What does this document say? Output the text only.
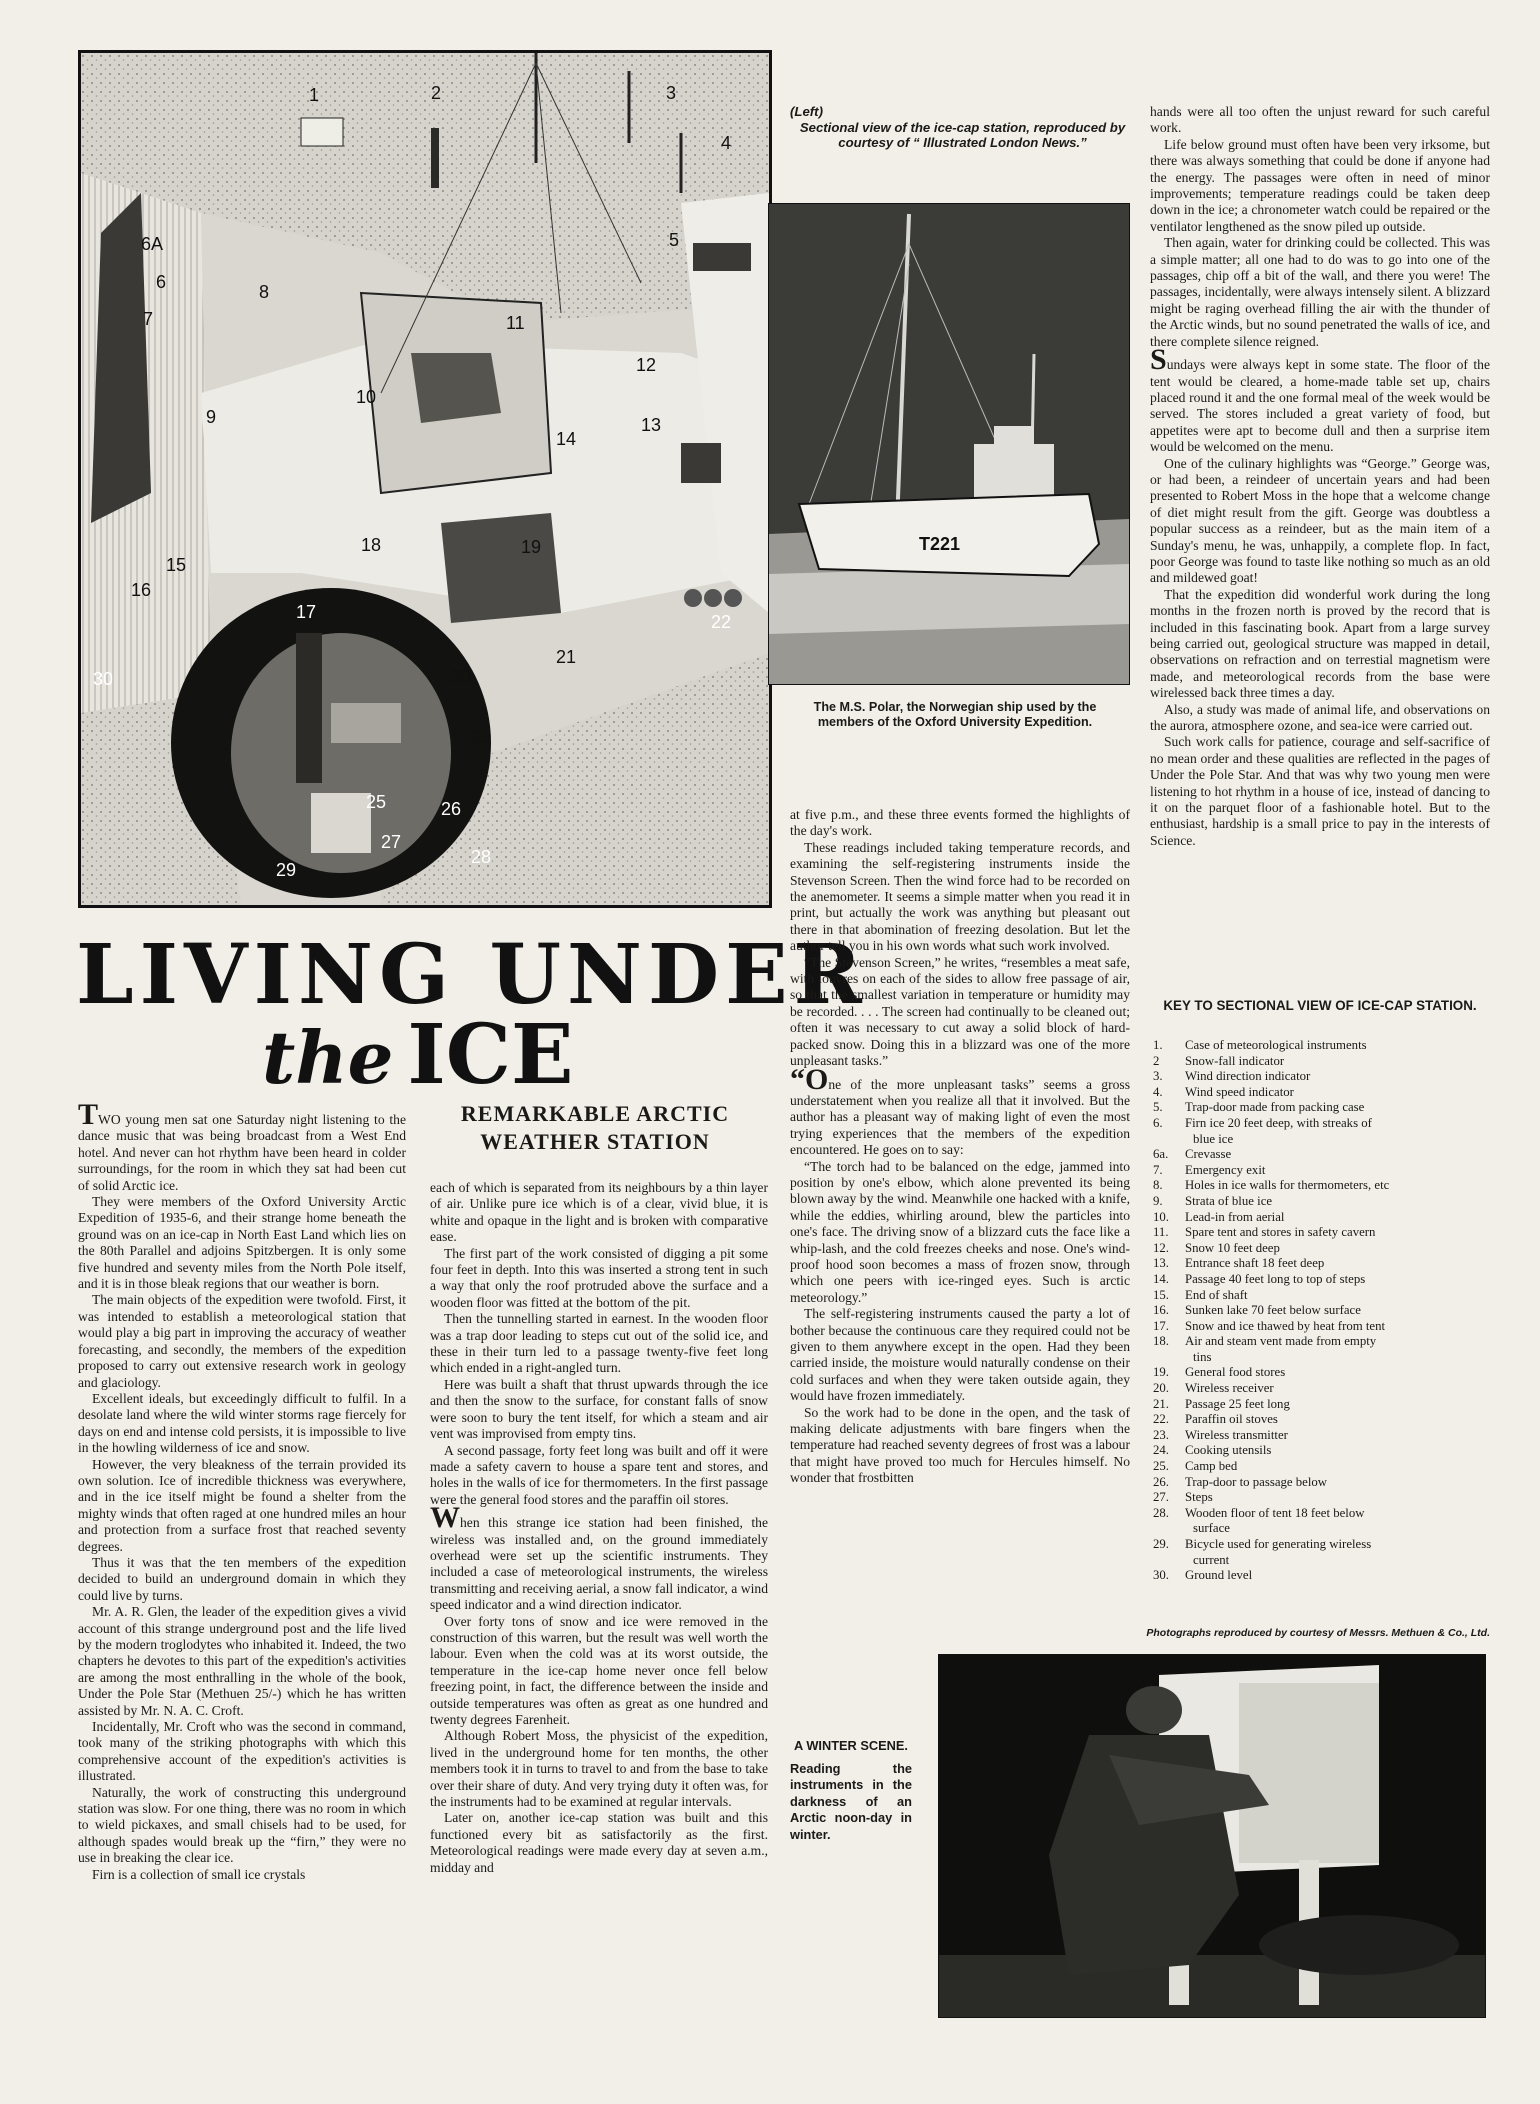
1	2	3
4
5
6A
6
7
8
9
10
11
12
13
14
15
16
17
18	19
20
21
22
23
25	26
27
28
29
30
(Left)
Sectional view of the ice-cap station, reproduced by courtesy of “ Illustrated London News.”
T221
The M.S. Polar, the Norwegian ship used by the members of the Oxford University Expedition.
LIVING UNDER
the ICE
REMARKABLE ARCTIC WEATHER STATION

TWO young men sat one Saturday night listening to the dance music that was being broadcast from a West End hotel. And never can hot rhythm have been heard in colder surroundings, for the room in which they sat had been cut of solid Arctic ice.

They were members of the Oxford University Arctic Expedition of 1935-6, and their strange home beneath the ground was on an ice-cap in North East Land which lies on the 80th Parallel and adjoins Spitzbergen. It is only some five hundred and seventy miles from the North Pole itself, and it is in those bleak regions that our weather is born.

The main objects of the expedition were twofold. First, it was intended to establish a meteorological station that would play a big part in improving the accuracy of weather forecasting, and secondly, the members of the expedition proposed to carry out extensive research work in geology and glaciology.

Excellent ideals, but exceedingly difficult to fulfil. In a desolate land where the wild winter storms rage fiercely for days on end and intense cold persists, it is impossible to live in the howling wilderness of ice and snow.

However, the very bleakness of the terrain provided its own solution. Ice of incredible thickness was everywhere, and in the ice itself might be found a shelter from the mighty winds that often raged at one hundred miles an hour and protection from a surface frost that reached seventy degrees.

Thus it was that the ten members of the expedition decided to build an underground domain in which they could live by turns.

Mr. A. R. Glen, the leader of the expedition gives a vivid account of this strange underground post and the life lived by the modern troglodytes who inhabited it. Indeed, the two chapters he devotes to this part of the expedition's activities are among the most enthralling in the whole of the book, Under the Pole Star (Methuen 25/-) which he has written assisted by Mr. N. A. C. Croft.

Incidentally, Mr. Croft who was the second in command, took many of the striking photographs with which this comprehensive account of the expedition's activities is illustrated.

Naturally, the work of constructing this underground station was slow. For one thing, there was no room in which to wield pickaxes, and small chisels had to be used, for although spades would break up the “firn,” they were no use in breaking the clear ice.

Firn is a collection of small ice crystals

each of which is separated from its neighbours by a thin layer of air. Unlike pure ice which is of a clear, vivid blue, it is white and opaque in the light and is broken with comparative ease.

The first part of the work consisted of digging a pit some four feet in depth. Into this was inserted a strong tent in such a way that only the roof protruded above the surface and a wooden floor was fitted at the bottom of the pit.

Then the tunnelling started in earnest. In the wooden floor was a trap door leading to steps cut out of the solid ice, and these in their turn led to a passage twenty-five feet long which ended in a right-angled turn.

Here was built a shaft that thrust upwards through the ice and then the snow to the surface, for constant falls of snow were soon to bury the tent itself, for which a steam and air vent was improvised from empty tins.

A second passage, forty feet long was built and off it were made a safety cavern to house a spare tent and stores, and holes in the walls of ice for thermometers. In the first passage were the general food stores and the paraffin oil stores.

When this strange ice station had been finished, the wireless was installed and, on the ground immediately overhead were set up the scientific instruments. They included a case of meteorological instruments, the wireless transmitting and receiving aerial, a snow fall indicator, a wind speed indicator and a wind direction indicator.

Over forty tons of snow and ice were removed in the construction of this warren, but the result was well worth the labour. Even when the cold was at its worst outside, the temperature in the ice-cap home never once fell below freezing point, in fact, the difference between the inside and outside temperatures was often as great as one hundred and twenty degrees Farenheit.

Although Robert Moss, the physicist of the expedition, lived in the underground home for ten months, the other members took it in turns to travel to and from the base to take over their share of duty. And very trying duty it often was, for the instruments had to be examined at regular intervals.

Later on, another ice-cap station was built and this functioned every bit as satisfactorily as the first. Meteorological readings were made every day at seven a.m., midday and

at five p.m., and these three events formed the highlights of the day's work.

These readings included taking temperature records, and examining the self-registering instruments inside the Stevenson Screen. Then the wind force had to be recorded on the anemometer. It seems a simple matter when you read it in print, but actually the work was anything but pleasant out there in that abomination of freezing desolation. But let the author tell you in his own words what such work involved.

“The Stevenson Screen,” he writes, “resembles a meat safe, with louvres on each of the sides to allow free passage of air, so that the smallest variation in temperature or humidity may be recorded. . . . The screen had continually to be cleaned out; often it was necessary to cut away a solid block of hard-packed snow. Doing this in a blizzard was one of the more unpleasant tasks.”

“One of the more unpleasant tasks” seems a gross understatement when you realize all that it involved. But the author has a pleasant way of making light of even the most trying experiences that the members of the expedition encountered. He goes on to say:

“The torch had to be balanced on the edge, jammed into position by one's elbow, which alone prevented its being blown away by the wind. Meanwhile one hacked with a knife, while the eddies, whirling around, blew the particles into one's face. The driving snow of a blizzard cuts the face like a whip-lash, and the cold freezes cheeks and nose. One's wind-proof hood soon becomes a mass of frozen snow, through which one peers with ice-ringed eyes. Such is arctic meteorology.”

The self-registering instruments caused the party a lot of bother because the continuous care they required could not be given to them anywhere except in the open. Had they been carried inside, the moisture would naturally condense on their cold surfaces and when they were taken outside again, they would have frozen immediately.

So the work had to be done in the open, and the task of making delicate adjustments with bare fingers when the temperature had reached seventy degrees of frost was a labour that might have proved too much for Hercules himself. No wonder that frostbitten

hands were all too often the unjust reward for such careful work.

Life below ground must often have been very irksome, but there was always something that could be done if anyone had the energy. The passages were often in need of minor improvements; temperature readings could be taken deep down in the ice; a chronometer watch could be repaired or the ventilator lengthened as the snow piled up outside.

Then again, water for drinking could be collected. This was a simple matter; all one had to do was to go into one of the passages, chip off a bit of the wall, and there you were! The passages, incidentally, were always intensely silent. A blizzard might be raging overhead filling the air with the thunder of the Arctic winds, but no sound penetrated the walls of ice, and there complete silence reigned.

Sundays were always kept in some state. The floor of the tent would be cleared, a home-made table set up, chairs placed round it and the one formal meal of the week would be served. The stores included a great variety of food, but appetites were apt to become dull and then a surprise item would be welcomed on the menu.

One of the culinary highlights was “George.” George was, or had been, a reindeer of uncertain years and had been presented to Robert Moss in the hope that a welcome change of diet might result from the gift. George was doubtless a popular success as a reindeer, but as the main item of a Sunday's menu, he was, unhappily, a complete flop. In fact, poor George was found to taste like nothing so much as an old and mildewed goat!

That the expedition did wonderful work during the long months in the frozen north is proved by the record that is included in this fascinating book. Apart from a large survey being carried out, geological structure was mapped in detail, observations on refraction and on terrestial magnetism were made, and meteorological records from the base were wirelessed back three times a day.

Also, a study was made of animal life, and observations on the aurora, atmosphere ozone, and sea-ice were carried out.

Such work calls for patience, courage and self-sacrifice of no mean order and these qualities are reflected in the pages of Under the Pole Star. And that was why two young men were listening to hot rhythm in a house of ice, instead of dancing to it on the parquet floor of a fashionable hotel. But to the enthusiast, hardship is a small price to pay in the interests of Science.

KEY TO SECTIONAL VIEW OF ICE-CAP STATION.
1.	Case of meteorological instruments
2	Snow-fall indicator
3.	Wind direction indicator
4.	Wind speed indicator
5.	Trap-door made from packing case
6.	Firn ice 20 feet deep, with streaks of
blue ice
6a.	Crevasse
7.	Emergency exit
8.	Holes in ice walls for thermometers, etc
9.	Strata of blue ice
10.	Lead-in from aerial
11.	Spare tent and stores in safety cavern
12.	Snow 10 feet deep
13.	Entrance shaft 18 feet deep
14.	Passage 40 feet long to top of steps
15.	End of shaft
16.	Sunken lake 70 feet below surface
17.	Snow and ice thawed by heat from tent
18.	Air and steam vent made from empty
tins
19.	General food stores
20.	Wireless receiver
21.	Passage 25 feet long
22.	Paraffin oil stoves
23.	Wireless transmitter
24.	Cooking utensils
25.	Camp bed
26.	Trap-door to passage below
27.	Steps
28.	Wooden floor of tent 18 feet below
surface
29.	Bicycle used for generating wireless
current
30.	Ground level
Photographs reproduced by courtesy of Messrs. Methuen & Co., Ltd.
A WINTER SCENE.
Reading the instruments in the darkness of an Arctic noon-day in winter.
